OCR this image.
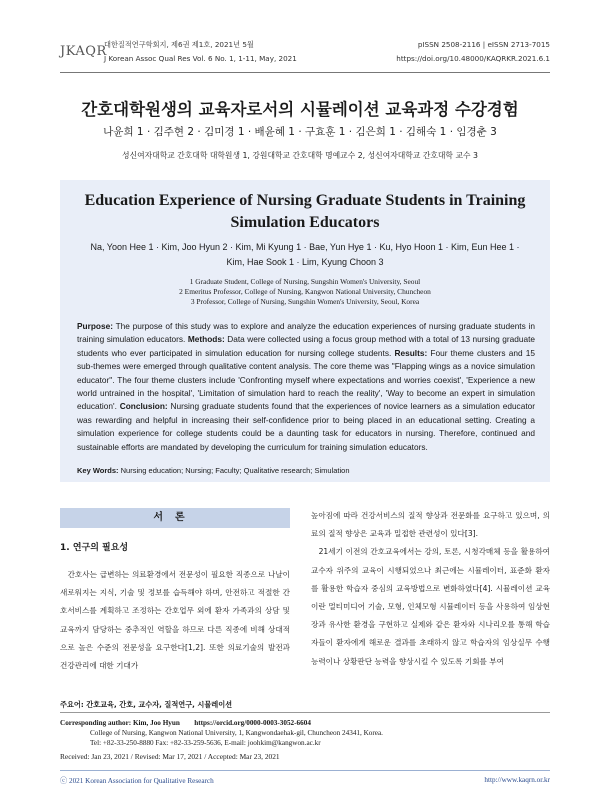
JKAQR
대한질적연구학회지, 제6권 제1호, 2021년 5월
J Korean Assoc Qual Res Vol. 6 No. 1, 1-11, May, 2021
pISSN 2508-2116 | eISSN 2713-7015
https://doi.org/10.48000/KAQRKR.2021.6.1
간호대학원생의 교육자로서의 시뮬레이션 교육과정 수강경험
나윤희 1 · 김주현 2 · 김미경 1 · 배윤혜 1 · 구효훈 1 · 김은희 1 · 김해숙 1 · 임경춘 3
성신여자대학교 간호대학 대학원생 1, 강원대학교 간호대학 명예교수 2, 성신여자대학교 간호대학 교수 3
Education Experience of Nursing Graduate Students in Training
Simulation Educators
Na, Yoon Hee 1 · Kim, Joo Hyun 2 · Kim, Mi Kyung 1 · Bae, Yun Hye 1 · Ku, Hyo Hoon 1 · Kim, Eun Hee 1 ·
Kim, Hae Sook 1 · Lim, Kyung Choon 3
1 Graduate Student, College of Nursing, Sungshin Women's University, Seoul
2 Emeritus Professor, College of Nursing, Kangwon National University, Chuncheon
3 Professor, College of Nursing, Sungshin Women's University, Seoul, Korea
Purpose: The purpose of this study was to explore and analyze the education experiences of nursing graduate students in training simulation educators. Methods: Data were collected using a focus group method with a total of 13 nursing graduate students who ever participated in simulation education for nursing college students. Results: Four theme clusters and 15 sub-themes were emerged through qualitative content analysis. The core theme was "Flapping wings as a novice simulation educator". The four theme clusters include 'Confronting myself where expectations and worries coexist', 'Experience a new world untrained in the hospital', 'Limitation of simulation hard to reach the reality', 'Way to become an expert in simulation education'. Conclusion: Nursing graduate students found that the experiences of novice learners as a simulation educator was rewarding and helpful in increasing their self-confidence prior to being placed in an educational setting. Creating a simulation experience for college students could be a daunting task for educators in nursing. Therefore, continued and sustainable efforts are mandated by developing the curriculum for training simulation educators.
Key Words: Nursing education; Nursing; Faculty; Qualitative research; Simulation
서론
1. 연구의 필요성
간호사는 급변하는 의료환경에서 전문성이 필요한 직종으로 나날이 새로워지는 지식, 기술 및 정보를 습득해야 하며, 안전하고 적절한 간호서비스를 계획하고 조정하는 간호업무 외에 환자 가족과의 상담 및 교육까지 담당하는 중추적인 역할을 하므로 다른 직종에 비해 상대적으로 높은 수준의 전문성을 요구한다[1,2]. 또한 의료기술의 발전과 건강관리에 대한 기대가
높아짐에 따라 건강서비스의 질적 향상과 전문화를 요구하고 있으며, 의료의 질적 향상은 교육과 밀접한 관련성이 있다[3].
21세기 이전의 간호교육에서는 강의, 토론, 시청각매체 등을 활용하여 교수자 위주의 교육이 시행되었으나 최근에는 시뮬레이터, 표준화 환자를 활용한 학습자 중심의 교육방법으로 변화하였다[4]. 시뮬레이션 교육이란 멀티미디어 기술, 모형, 인체모형 시뮬레이터 등을 사용하여 임상현장과 유사한 환경을 구현하고 실제와 같은 환자와 시나리오를 통해 학습자들이 환자에게 해로운 결과를 초래하지 않고 학습자의 임상실무 수행능력이나 상황판단 능력을 향상시킬 수 있도록 기회를 부여
주요어: 간호교육, 간호, 교수자, 질적연구, 시뮬레이션
Corresponding author: Kim, Joo Hyun https://orcid.org/0000-0003-3052-6604
College of Nursing, Kangwon National University, 1, Kangwondaehak-gil, Chuncheon 24341, Korea.
Tel: +82-33-250-8880 Fax: +82-33-259-5636, E-mail: joohkim@kangwon.ac.kr
Received: Jan 23, 2021 / Revised: Mar 17, 2021 / Accepted: Mar 23, 2021
ⓒ 2021 Korean Association for Qualitative Research	http://www.kaqrn.or.kr
